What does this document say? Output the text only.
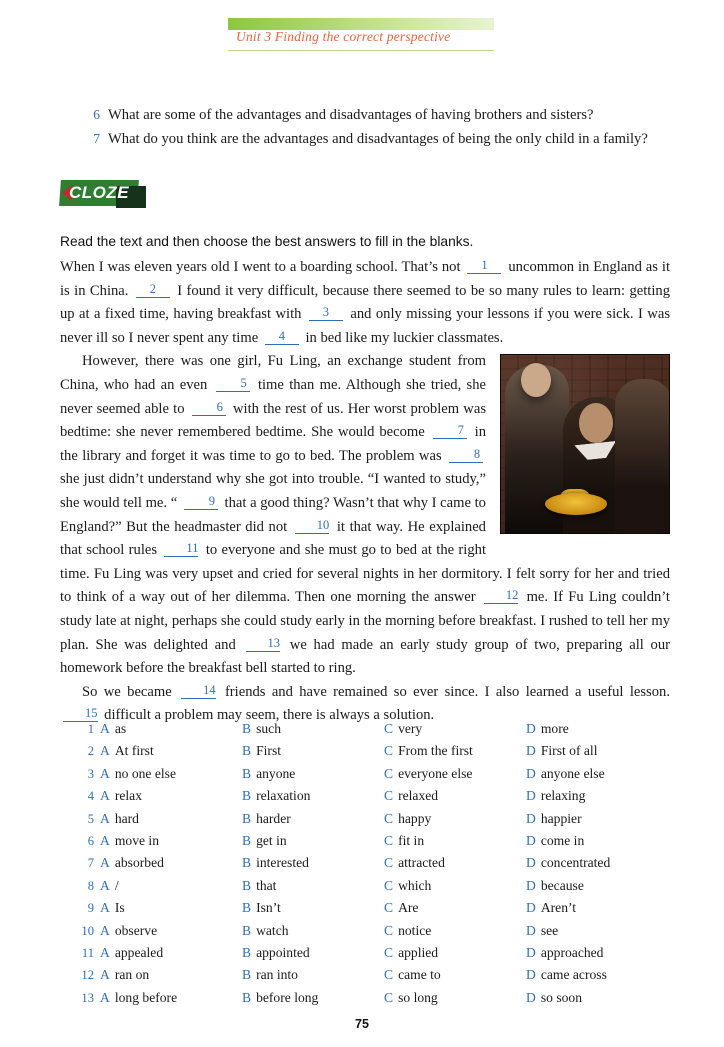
Unit 3 Finding the correct perspective
6 What are some of the advantages and disadvantages of having brothers and sisters?
7 What do you think are the advantages and disadvantages of being the only child in a family?
CLOZE
Read the text and then choose the best answers to fill in the blanks.

When I was eleven years old I went to a boarding school. That’s not 1 uncommon in England as it is in China. 2 I found it very difficult, because there seemed to be so many rules to learn: getting up at a fixed time, having breakfast with 3 and only missing your lessons if you were sick. I was never ill so I never spent any time 4 in bed like my luckier classmates.

However, there was one girl, Fu Ling, an exchange student from China, who had an even	5 time than me. Although she tried, she never seemed able to	6 with the rest of us. Her worst problem was bedtime: she never remembered bedtime. She would become	7 in the library and forget it was time to go to bed. The problem was	8 she just didn’t understand why she got into trouble. “I wanted to study,” she would tell me. “	9 that a good thing? Wasn’t that why I came to England?” But the headmaster did not 10 it that way. He explained that school rules 11 to everyone and she must go to bed at the right time. Fu Ling was very upset and cried for several nights in her dormitory. I felt sorry for her and tried to think of a way out of her dilemma. Then one morning the answer 12 me. If Fu Ling couldn’t study late at night, perhaps she could study early in the morning before breakfast. I rushed to tell her my plan. She was delighted and	13 we had made an early study group of two, preparing all our homework before the breakfast bell started to ring.

So we became	14 friends and have remained so ever since. I also learned a useful lesson. 15 difficult a problem may seem, there is always a solution.

1 A as	B such	C very	D more
2 A At first	B First	C From the first	D First of all
3 A no one else	B anyone	C everyone else	D anyone else
4 A relax	B relaxation	C relaxed	D relaxing
5 A hard	B harder	C happy	D happier
6 A move in	B get in	C fit in	D come in
7 A absorbed	B interested	C attracted	D concentrated
8 A /	B that	C which	D because
9 A Is	B Isn’t	C Are	D Aren’t
10 A observe	B watch	C notice	D see
11 A appealed	B appointed	C applied	D approached
12 A ran on	B ran into	C came to	D came across
13 A long before	B before long	C so long	D so soon
75
